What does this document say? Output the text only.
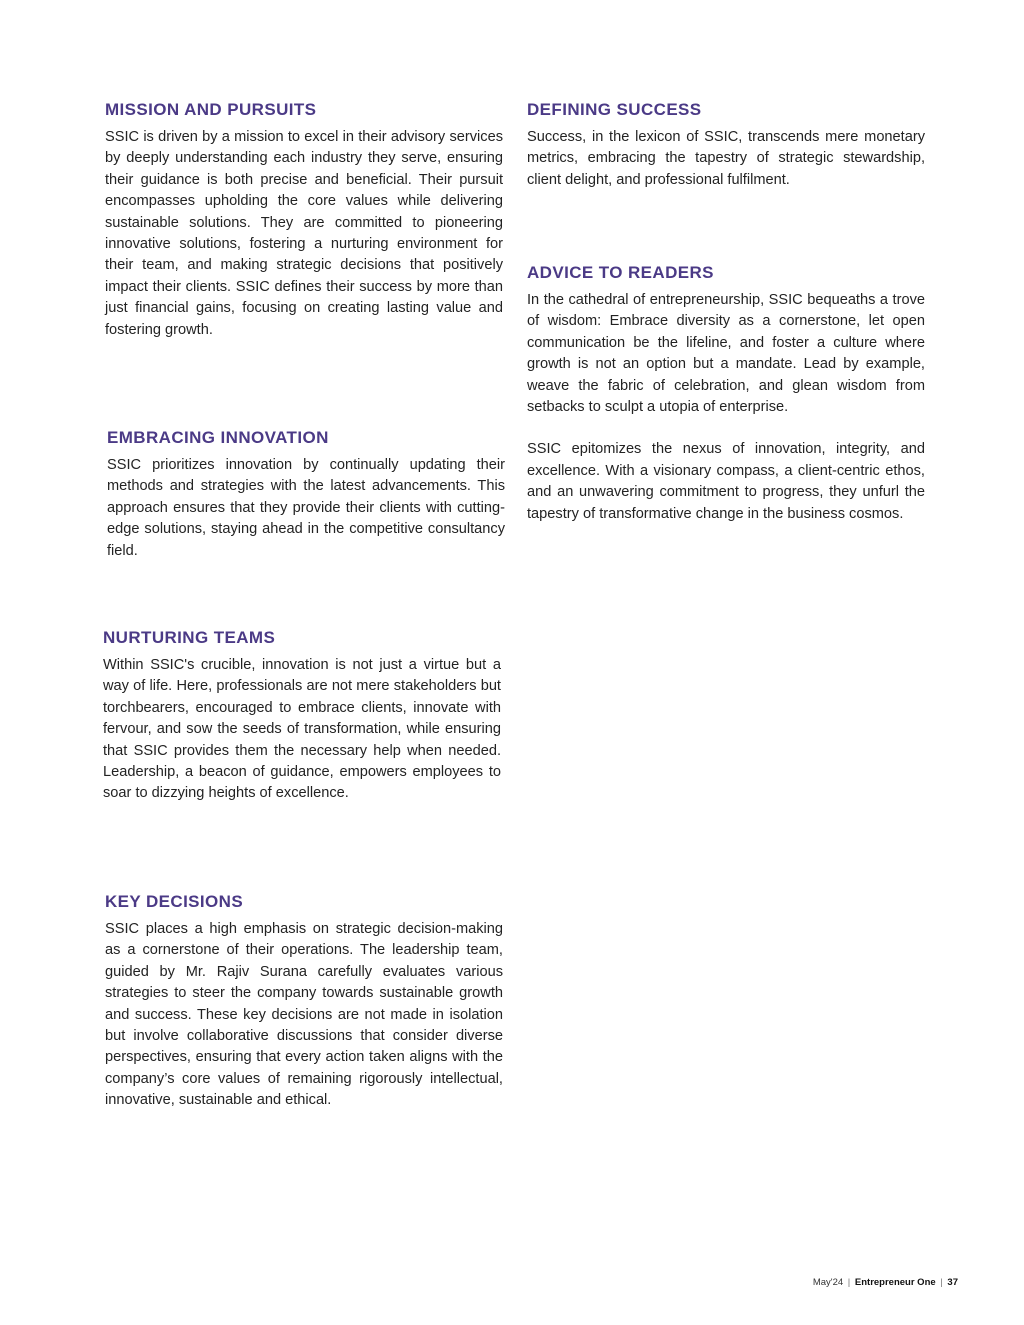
MISSION AND PURSUITS

SSIC is driven by a mission to excel in their advisory services by deeply understanding each industry they serve, ensuring their guidance is both precise and beneficial. Their pursuit encompasses upholding the core values while delivering sustainable solutions. They are committed to pioneering innovative solutions, fostering a nurturing environment for their team, and making strategic decisions that positively impact their clients. SSIC defines their success by more than just financial gains, focusing on creating lasting value and fostering growth.

EMBRACING INNOVATION

SSIC prioritizes innovation by continually updating their methods and strategies with the latest advancements. This approach ensures that they provide their clients with cutting-edge solutions, staying ahead in the competitive consultancy field.

NURTURING TEAMS

Within SSIC's crucible, innovation is not just a virtue but a way of life. Here, professionals are not mere stakeholders but torchbearers, encouraged to embrace clients, innovate with fervour, and sow the seeds of transformation, while ensuring that SSIC provides them the necessary help when needed. Leadership, a beacon of guidance, empowers employees to soar to dizzying heights of excellence.

KEY DECISIONS

SSIC places a high emphasis on strategic decision-making as a cornerstone of their operations. The leadership team, guided by Mr. Rajiv Surana carefully evaluates various strategies to steer the company towards sustainable growth and success. These key decisions are not made in isolation but involve collaborative discussions that consider diverse perspectives, ensuring that every action taken aligns with the company’s core values of remaining rigorously intellectual, innovative, sustainable and ethical.

DEFINING SUCCESS

Success, in the lexicon of SSIC, transcends mere monetary metrics, embracing the tapestry of strategic stewardship, client delight, and professional fulfilment.

ADVICE TO READERS

In the cathedral of entrepreneurship, SSIC bequeaths a trove of wisdom: Embrace diversity as a cornerstone, let open communication be the lifeline, and foster a culture where growth is not an option but a mandate. Lead by example, weave the fabric of celebration, and glean wisdom from setbacks to sculpt a utopia of enterprise.

SSIC epitomizes the nexus of innovation, integrity, and excellence. With a visionary compass, a client-centric ethos, and an unwavering commitment to progress, they unfurl the tapestry of transformative change in the business cosmos.

May'24 | Entrepreneur One | 37
